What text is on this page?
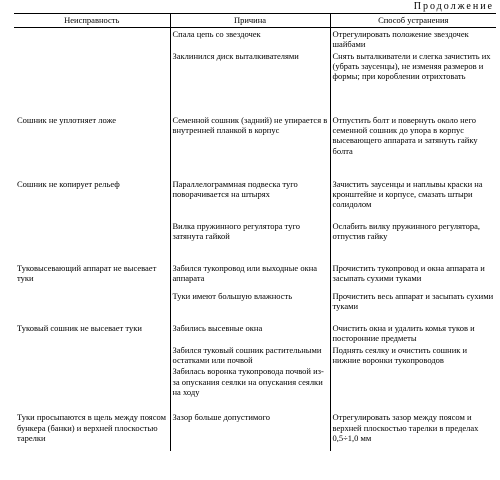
Продолжение
Неисправность	Причина	Способ устранения
	Спала цепь со звездочек	Отрегулировать положение звездочек шайбами
	Заклинился диск выталкивателями	Снять выталкиватели и слегка зачистить их (убрать заусенцы), не изменяя размеров и формы; при короблении отрихтовать
Сошник не уплотняет ложе	Семенной сошник (задний) не упирается в внутренней планкой в корпус	Отпустить болт и повернуть около него семенной сошник до упора в корпус высевающего аппарата и затянуть гайку болта
Сошник не копирует рельеф	Параллелограммная подвеска туго поворачивается на штырях	Зачистить заусенцы и наплывы краски на кронштейне и корпусе, смазать штыри солидолом
	Вилка пружинного регулятора туго затянута гайкой	Ослабить вилку пружинного регулятора, отпустив гайку
Туковысевающий аппарат не высевает туки	Забился тукопровод или выходные окна аппарата	Прочистить тукопровод и окна аппарата и засыпать сухими туками
	Туки имеют большую влажность	Прочистить весь аппарат и засыпать сухими туками
Туковый сошник не высевает туки	Забились высевные окна	Очистить окна и удалить комья туков и посторонние предметы
	Забился туковый сошник растительными остатками или почвой	Поднять сеялку и очистить сошник и нижние воронки тукопроводов
	Забилась воронка тукопровода почвой из-за опускания сеялки на опускания сеялки на ходу	
Туки просыпаются в щель между поясом бункера (банки) и верхней плоскостью тарелки	Зазор больше допустимого	Отрегулировать зазор между поясом и верхней плоскостью тарелки в пределах 0,5÷1,0 мм
